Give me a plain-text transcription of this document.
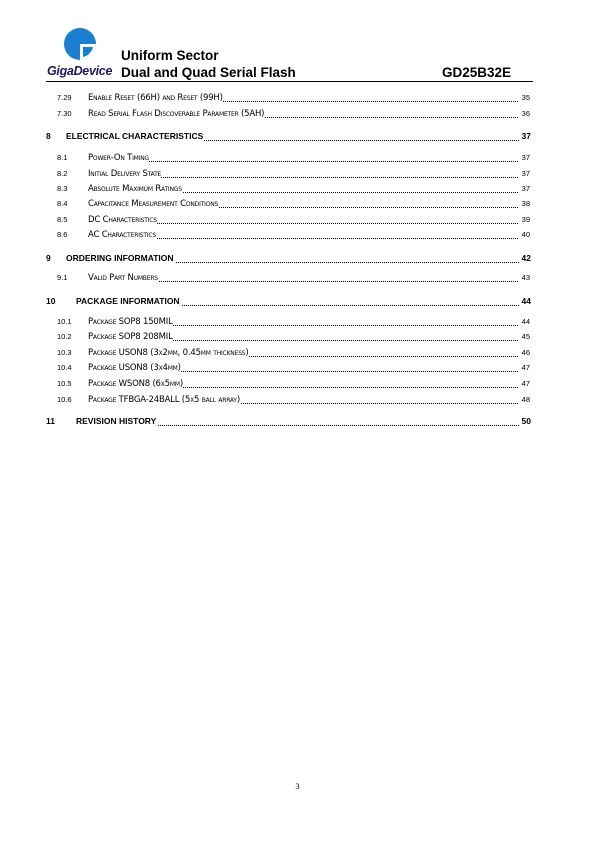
GigaDevice
Uniform Sector
Dual and Quad Serial Flash	GD25B32E
7.29 Enable Reset (66H) and Reset (99H)	35
7.30 Read Serial Flash Discoverable Parameter (5AH)	36
8 ELECTRICAL CHARACTERISTICS	37
8.1 Power-On Timing	37
8.2 Initial Delivery State	37
8.3 Absolute Maximum Ratings	37
8.4 Capacitance Measurement Conditions	38
8.5 DC Characteristics	39
8.6 AC Characteristics	40
9 ORDERING INFORMATION	42
9.1 Valid Part Numbers	43
10 PACKAGE INFORMATION	44
10.1 Package SOP8 150MIL	44
10.2 Package SOP8 208MIL	45
10.3 Package USON8 (3x2mm, 0.45mm thickness)	46
10.4 Package USON8 (3x4mm)	47
10.5 Package WSON8 (6x5mm)	47
10.6 Package TFBGA-24BALL (5x5 ball array)	48
11 REVISION HISTORY	50
3
